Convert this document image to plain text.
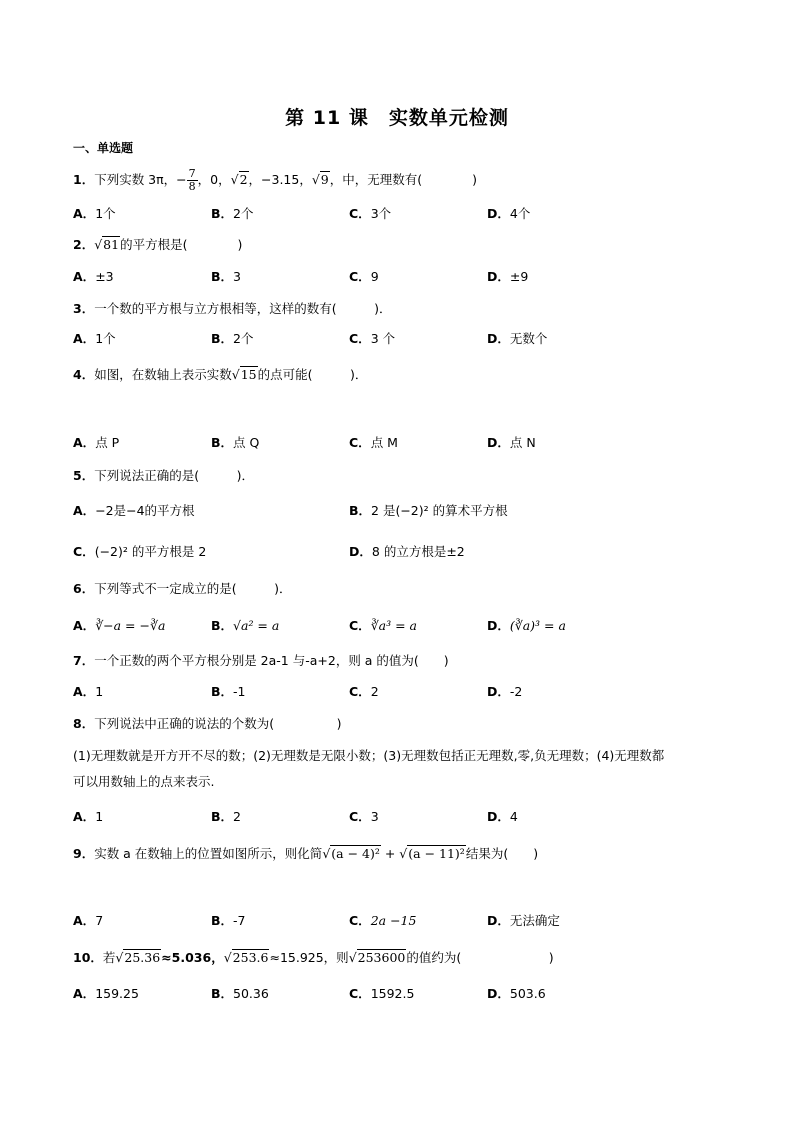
第 11 课　实数单元检测
一、单选题
1．下列实数 3π，− $\frac{7}{8}$ ，0，√2，−3.15，√9，中，无理数有(　　　　)
A．1个	B．2个	C．3个	D．4个
2．√81的平方根是(　　　　)
A．±3	B．3	C．9	D．±9
3．一个数的平方根与立方根相等，这样的数有(　　　)．
A．1个	B．2个	C．3 个	D．无数个
4．如图，在数轴上表示实数√15的点可能(　　　)．
A．点 P	B．点 Q	C．点 M	D．点 N
5．下列说法正确的是(　　　)．
A．−2是−4的平方根	B．2 是(−2)² 的算术平方根
C．(−2)² 的平方根是 2	D．8 的立方根是±2
6．下列等式不一定成立的是(　　　)．
A．∛−a = −∛a	B．√a² = a	C．∛a³ = a	D．(∛a)³ = a
7．一个正数的两个平方根分别是 2a-1 与-a+2，则 a 的值为(　　)
A．1	B．-1	C．2	D．-2
8．下列说法中正确的说法的个数为(　　　　　)
(1)无理数就是开方开不尽的数；(2)无理数是无限小数；(3)无理数包括正无理数,零,负无理数；(4)无理数都
可以用数轴上的点来表示.
A．1	B．2	C．3	D．4
9．实数 a 在数轴上的位置如图所示，则化简√(a − 4)² + √(a − 11)²结果为(　　)
A．7	B．-7	C．2a −15	D．无法确定
10．若√25.36≈5.036，√253.6≈15.925，则√253600的值约为(　　　　　　　)
A．159.25	B．50.36	C．1592.5	D．503.6
